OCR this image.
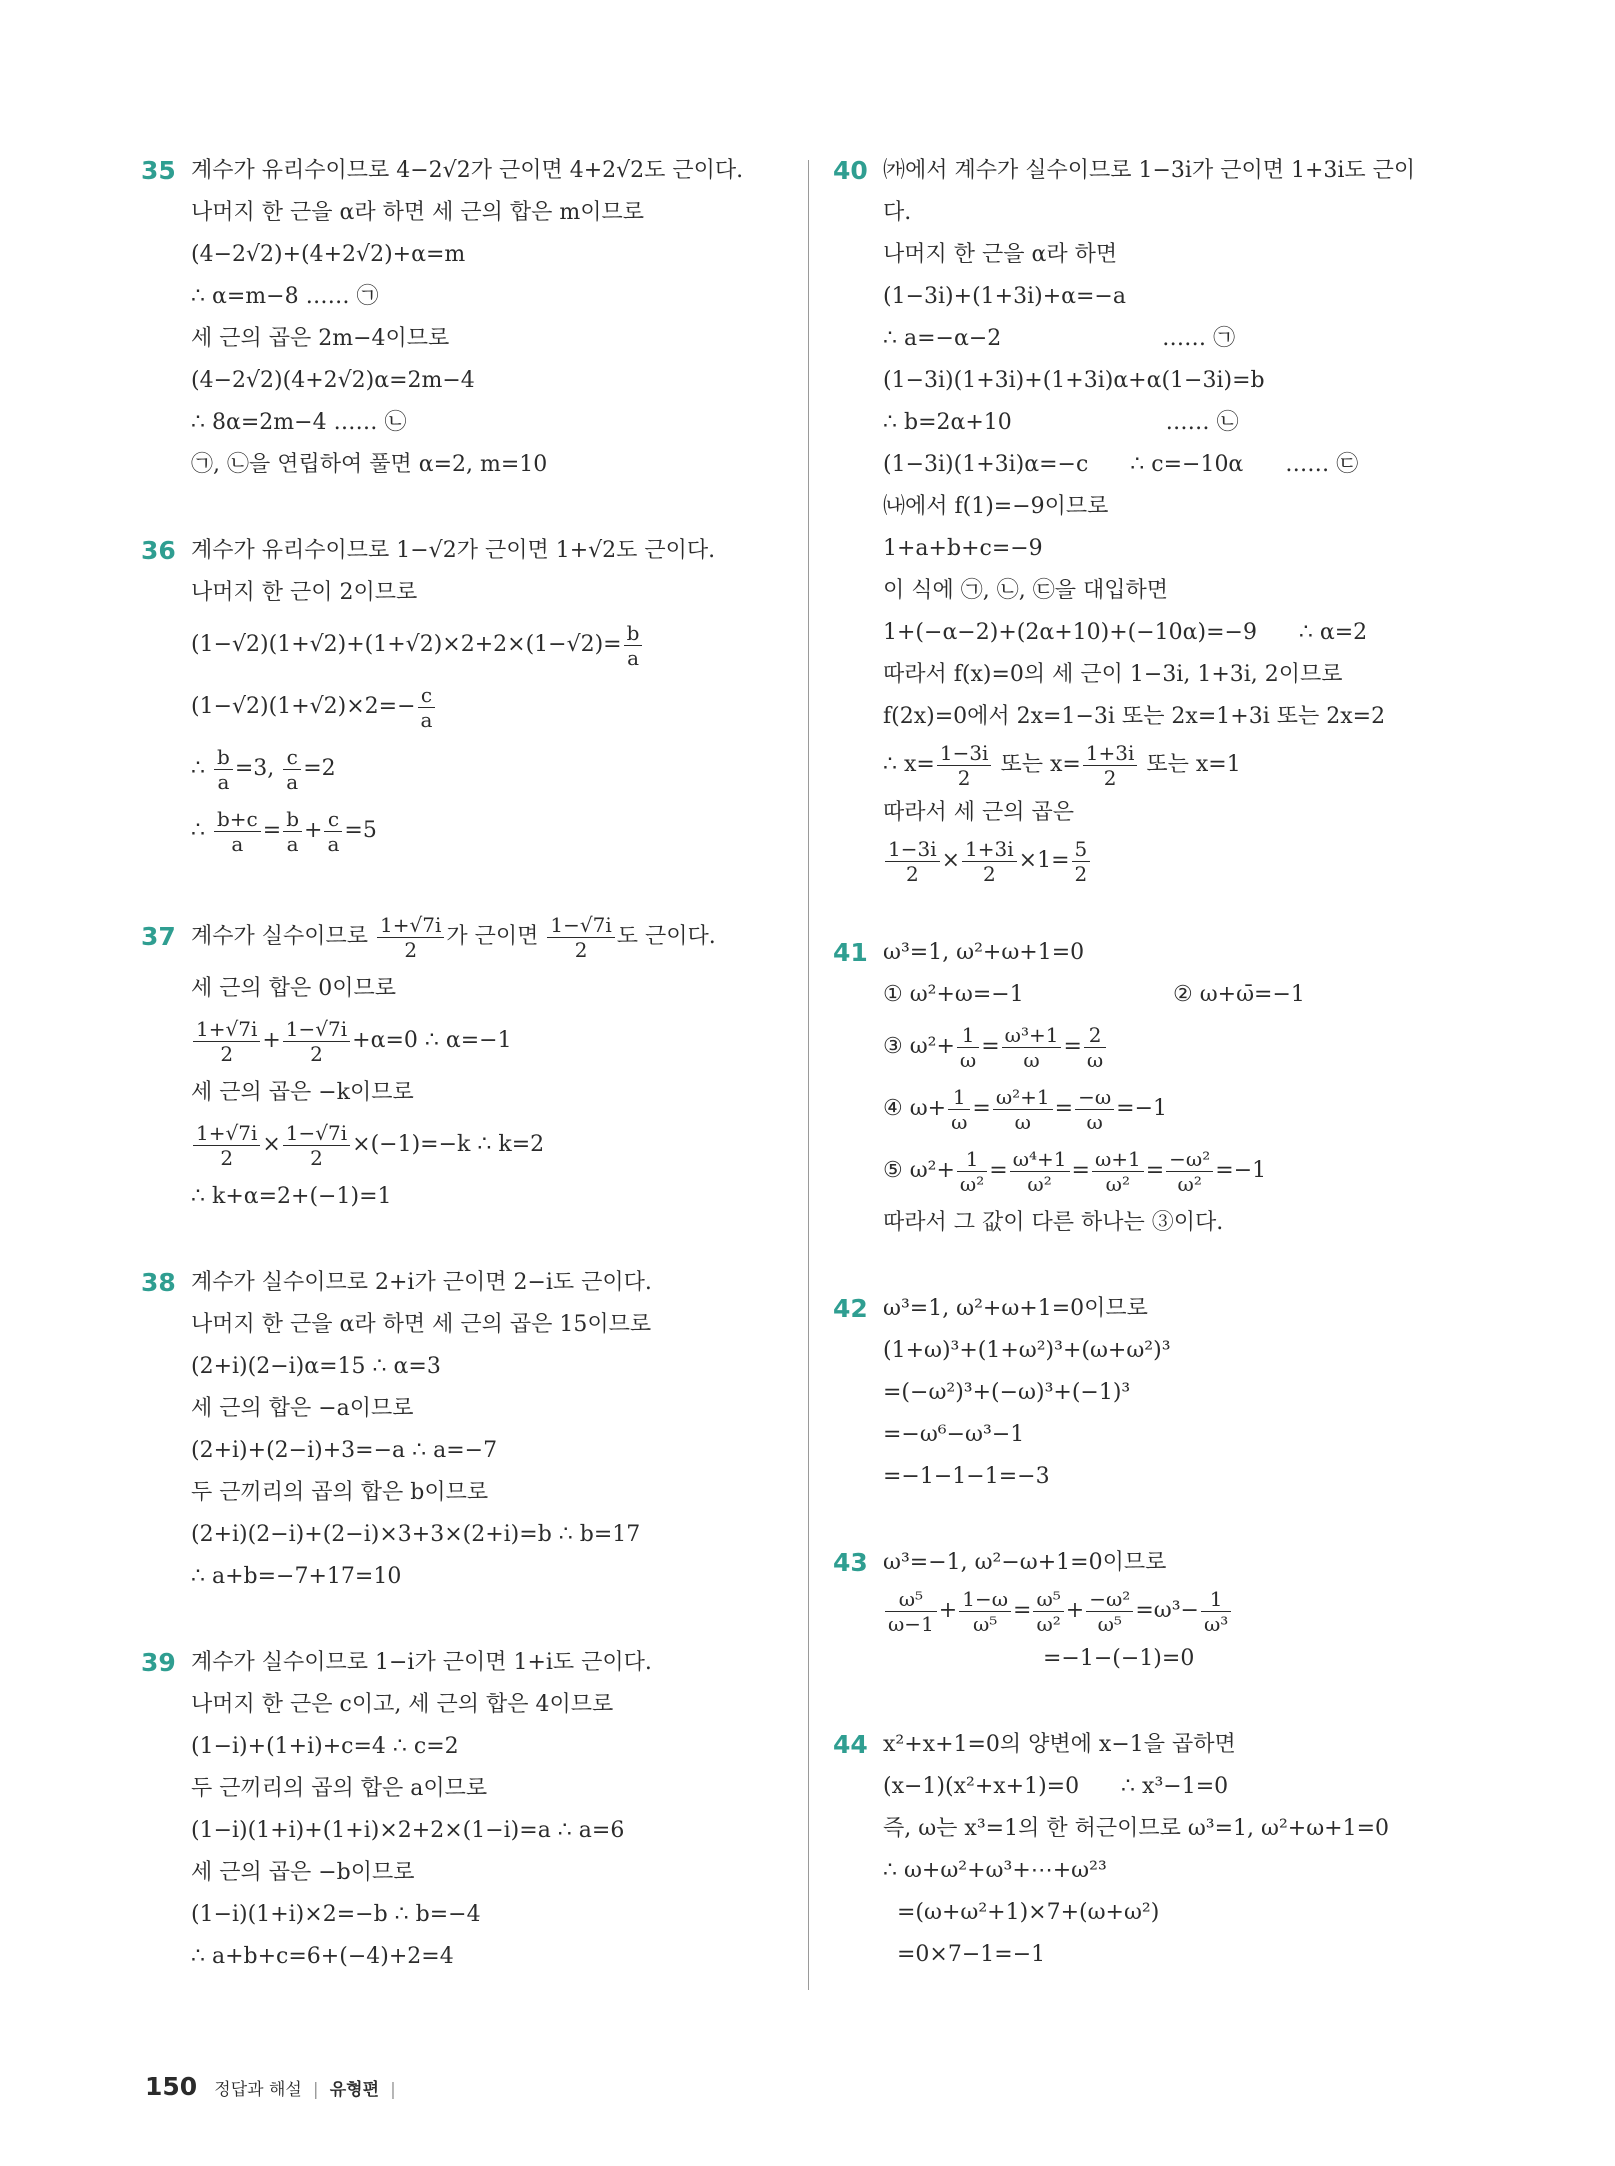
35 계수가 유리수이므로 4−2√2가 근이면 4+2√2도 근이다.
나머지 한 근을 α라 하면 세 근의 합은 m이므로
(4−2√2)+(4+2√2)+α=m
∴ α=m−8 …… ㉠
세 근의 곱은 2m−4이므로
(4−2√2)(4+2√2)α=2m−4
∴ 8α=2m−4 …… ㉡
㉠, ㉡을 연립하여 풀면 α=2, m=10
36 계수가 유리수이므로 1−√2가 근이면 1+√2도 근이다.
나머지 한 근이 2이므로
$(1-√2)(1+√2)+(1+√2)\times 2+2\times(1-√2)= \frac{b}{a}$
$(1-√2)(1+√2)\times 2=- \frac{c}{a}$
∴ $\frac{b}{a} =3$, $\frac{c}{a} =2$
∴ $\frac{b+c}{a} = \frac{b}{a} + \frac{c}{a} =5$
37 계수가 실수이므로 $\frac{1+√7i}{2}$ 가 근이면 $\frac{1-√7i}{2}$ 도 근이다.
세 근의 합은 0이므로
$\frac{1+√7i}{2} + \frac{1-√7i}{2} +\alpha=0$ ∴ α=−1
세 근의 곱은 −k이므로
$\frac{1+√7i}{2} \times \frac{1-√7i}{2} \times(-1)=-k$ ∴ k=2
∴ k+α=2+(−1)=1
38 계수가 실수이므로 2+i가 근이면 2−i도 근이다.
나머지 한 근을 α라 하면 세 근의 곱은 15이므로
(2+i)(2−i)α=15 ∴ α=3
세 근의 합은 −a이므로
(2+i)+(2−i)+3=−a ∴ a=−7
두 근끼리의 곱의 합은 b이므로
(2+i)(2−i)+(2−i)×3+3×(2+i)=b ∴ b=17
∴ a+b=−7+17=10
39 계수가 실수이므로 1−i가 근이면 1+i도 근이다.
나머지 한 근은 c이고, 세 근의 합은 4이므로
(1−i)+(1+i)+c=4 ∴ c=2
두 근끼리의 곱의 합은 a이므로
(1−i)(1+i)+(1+i)×2+2×(1−i)=a ∴ a=6
세 근의 곱은 −b이므로
(1−i)(1+i)×2=−b ∴ b=−4
∴ a+b+c=6+(−4)+2=4
40 ㈎에서 계수가 실수이므로 1−3i가 근이면 1+3i도 근이
다.
나머지 한 근을 α라 하면
(1−3i)+(1+3i)+α=−a
∴ a=−α−2                       …… ㉠
(1−3i)(1+3i)+(1+3i)α+α(1−3i)=b
∴ b=2α+10                      …… ㉡
(1−3i)(1+3i)α=−c      ∴ c=−10α      …… ㉢
㈏에서 f(1)=−9이므로
1+a+b+c=−9
이 식에 ㉠, ㉡, ㉢을 대입하면
1+(−α−2)+(2α+10)+(−10α)=−9      ∴ α=2
따라서 f(x)=0의 세 근이 1−3i, 1+3i, 2이므로
f(2x)=0에서 2x=1−3i 또는 2x=1+3i 또는 2x=2
∴ $x= \frac{1-3i}{2}$ 또는 $x= \frac{1+3i}{2}$ 또는 x=1
따라서 세 근의 곱은
$\frac{1-3i}{2} \times \frac{1+3i}{2} \times 1= \frac{5}{2}$
41 ω³=1, ω²+ω+1=0
① ω²+ω=−1	② ω+ω̄=−1
③ $\omega^2+ \frac{1}{\omega} = \frac{\text{ω³+1}}{\omega} = \frac{2}{\omega}$
④ $\omega+ \frac{1}{\omega} = \frac{\text{ω²+1}}{\omega} = \frac{-\omega}{\omega} =-1$
⑤ $\omega^2+ \frac{1}{\text{ω²}} = \frac{\text{ω⁴+1}}{\text{ω²}} = \frac{\omega+1}{\text{ω²}} = \frac{\text{−ω²}}{\text{ω²}} =-1$
따라서 그 값이 다른 하나는 ③이다.
42 ω³=1, ω²+ω+1=0이므로
(1+ω)³+(1+ω²)³+(ω+ω²)³
=(−ω²)³+(−ω)³+(−1)³
=−ω⁶−ω³−1
=−1−1−1=−3
43 ω³=−1, ω²−ω+1=0이므로
$\frac{\text{ω⁵}}{\omega-1} + \frac{1-\omega}{\text{ω⁵}} = \frac{\text{ω⁵}}{\text{ω²}} + \frac{\text{−ω²}}{\text{ω⁵}} =\omega^3- \frac{1}{\text{ω³}}$
=−1−(−1)=0
44 x²+x+1=0의 양변에 x−1을 곱하면
(x−1)(x²+x+1)=0      ∴ x³−1=0
즉, ω는 x³=1의 한 허근이므로 ω³=1, ω²+ω+1=0
∴ ω+ω²+ω³+⋯+ω²³
=(ω+ω²+1)×7+(ω+ω²)
=0×7−1=−1
150 정답과 해설 | 유형편 |
